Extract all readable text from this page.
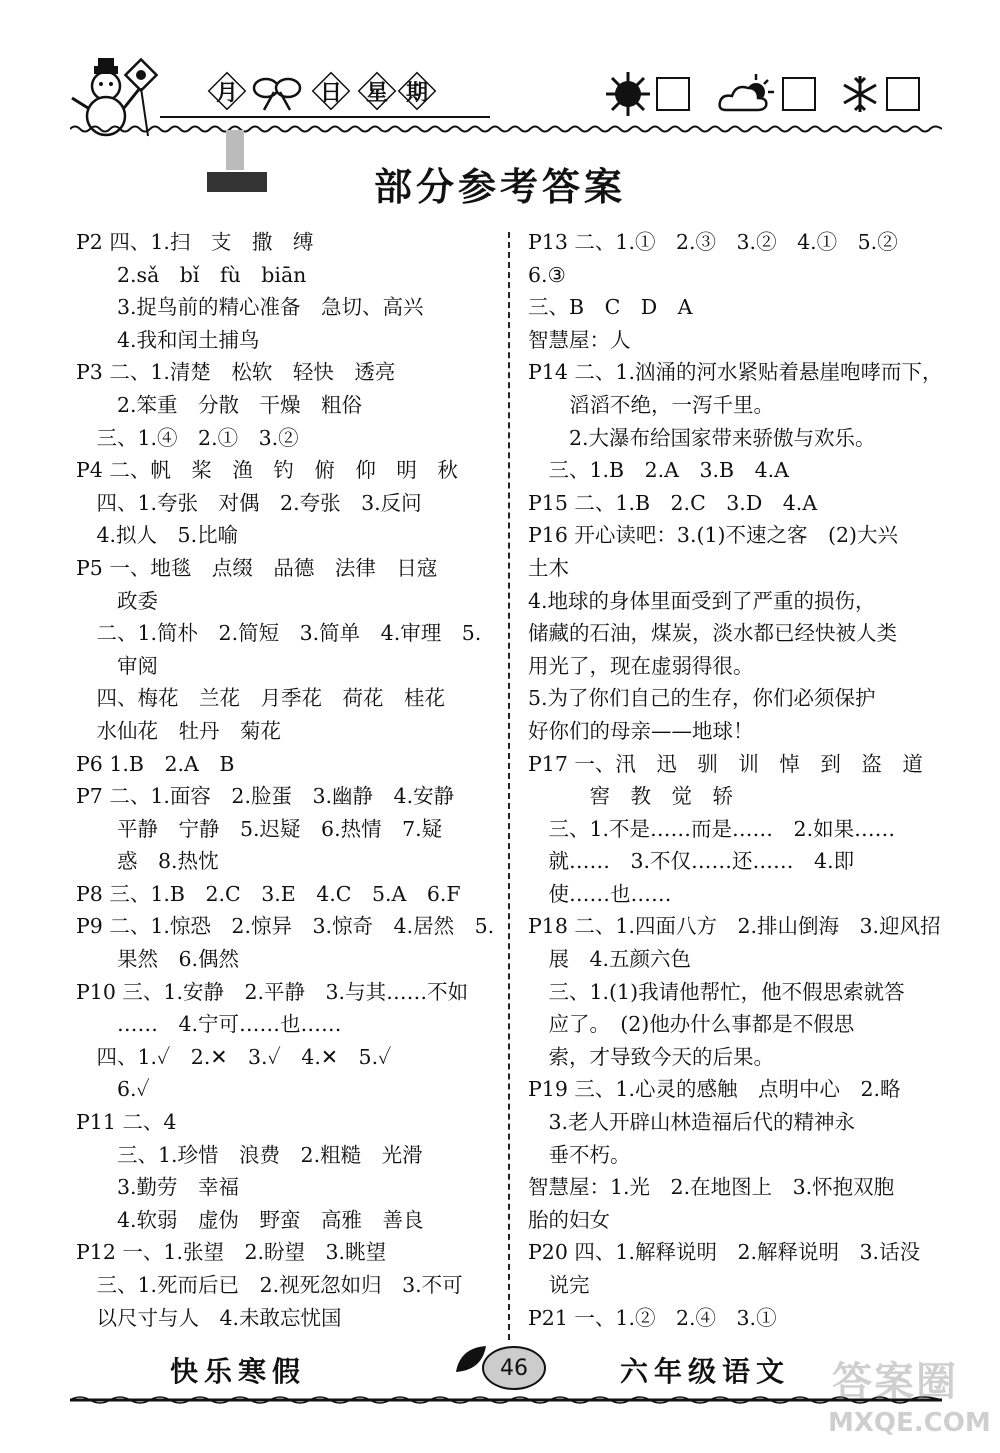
月	日	星 期
部分参考答案
P2 四、1.扫　支　撒　缚
　　2.sǎ　bǐ　fù　biān
　　3.捉鸟前的精心准备　急切、高兴
　　4.我和闰土捕鸟
P3 二、1.清楚　松软　轻快　透亮
　　2.笨重　分散　干燥　粗俗
　三、1.④　2.①　3.②
P4 二、帆　桨　渔　钓　俯　仰　明　秋
　四、1.夸张　对偶　2.夸张　3.反问
　4.拟人　5.比喻
P5 一、地毯　点缀　品德　法律　日寇
　　政委
　二、1.简朴　2.简短　3.简单　4.审理　5.
　　审阅
　四、梅花　兰花　月季花　荷花　桂花
　水仙花　牡丹　菊花
P6 1.B　2.A　B
P7 二、1.面容　2.脸蛋　3.幽静　4.安静
　　平静　宁静　5.迟疑　6.热情　7.疑
　　惑　8.热忱
P8 三、1.B　2.C　3.E　4.C　5.A　6.F
P9 二、1.惊恐　2.惊异　3.惊奇　4.居然　5.
　　果然　6.偶然
P10 三、1.安静　2.平静　3.与其……不如
　　……　4.宁可……也……
　四、1.✓　2.✕　3.✓　4.✕　5.✓
　　6.✓
P11 二、4
　　三、1.珍惜　浪费　2.粗糙　光滑
　　3.勤劳　幸福
　　4.软弱　虚伪　野蛮　高雅　善良
P12 一、1.张望　2.盼望　3.眺望
　三、1.死而后已　2.视死忽如归　3.不可
　以尺寸与人　4.未敢忘忧国
P13 二、1.①　2.③　3.②　4.①　5.②
6.③
三、B　C　D　A
智慧屋：人
P14 二、1.汹涌的河水紧贴着悬崖咆哮而下，
　　滔滔不绝，一泻千里。
　　2.大瀑布给国家带来骄傲与欢乐。
　三、1.B　2.A　3.B　4.A
P15 二、1.B　2.C　3.D　4.A
P16 开心读吧：3.(1)不速之客　(2)大兴
土木
4.地球的身体里面受到了严重的损伤，
储藏的石油，煤炭，淡水都已经快被人类
用光了，现在虚弱得很。
5.为了你们自己的生存，你们必须保护
好你们的母亲——地球！
P17 一、汛　迅　驯　训　悼　到　盗　道
　　　窖　教　觉　轿
　三、1.不是……而是……　2.如果……
　就……　3.不仅……还……　4.即
　使……也……
P18 二、1.四面八方　2.排山倒海　3.迎风招
　展　4.五颜六色
　三、1.(1)我请他帮忙，他不假思索就答
　应了。　(2)他办什么事都是不假思
　索，才导致今天的后果。
P19 三、1.心灵的感触　点明中心　2.略
　3.老人开辟山林造福后代的精神永
　垂不朽。
智慧屋：1.光　2.在地图上　3.怀抱双胞
胎的妇女
P20 四、1.解释说明　2.解释说明　3.话没
　说完
P21 一、1.②　2.④　3.①
快乐寒假	46	六年级语文 答案圈
MXQE.COM
